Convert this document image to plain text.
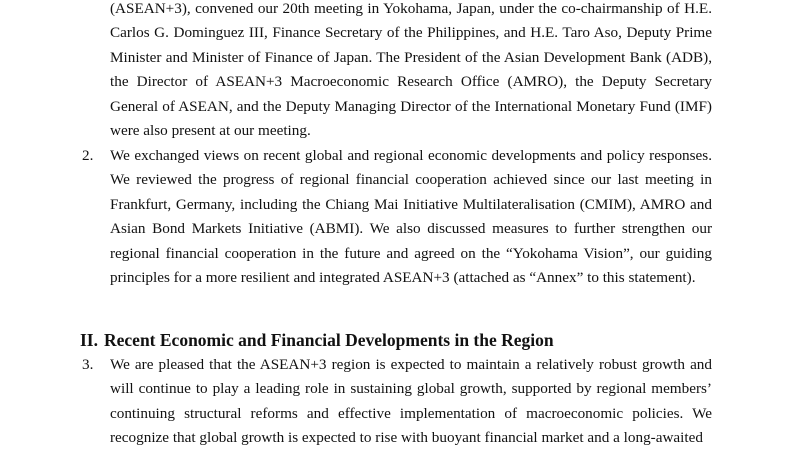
(ASEAN+3), convened our 20th meeting in Yokohama, Japan, under the co-chairmanship of H.E. Carlos G. Dominguez III, Finance Secretary of the Philippines, and H.E. Taro Aso, Deputy Prime Minister and Minister of Finance of Japan. The President of the Asian Development Bank (ADB), the Director of ASEAN+3 Macroeconomic Research Office (AMRO), the Deputy Secretary General of ASEAN, and the Deputy Managing Director of the International Monetary Fund (IMF) were also present at our meeting.
2. We exchanged views on recent global and regional economic developments and policy responses. We reviewed the progress of regional financial cooperation achieved since our last meeting in Frankfurt, Germany, including the Chiang Mai Initiative Multilateralisation (CMIM), AMRO and Asian Bond Markets Initiative (ABMI). We also discussed measures to further strengthen our regional financial cooperation in the future and agreed on the “Yokohama Vision”, our guiding principles for a more resilient and integrated ASEAN+3 (attached as “Annex” to this statement).
II. Recent Economic and Financial Developments in the Region
3. We are pleased that the ASEAN+3 region is expected to maintain a relatively robust growth and will continue to play a leading role in sustaining global growth, supported by regional members’ continuing structural reforms and effective implementation of macroeconomic policies. We recognize that global growth is expected to rise with buoyant financial market and a long-awaited
